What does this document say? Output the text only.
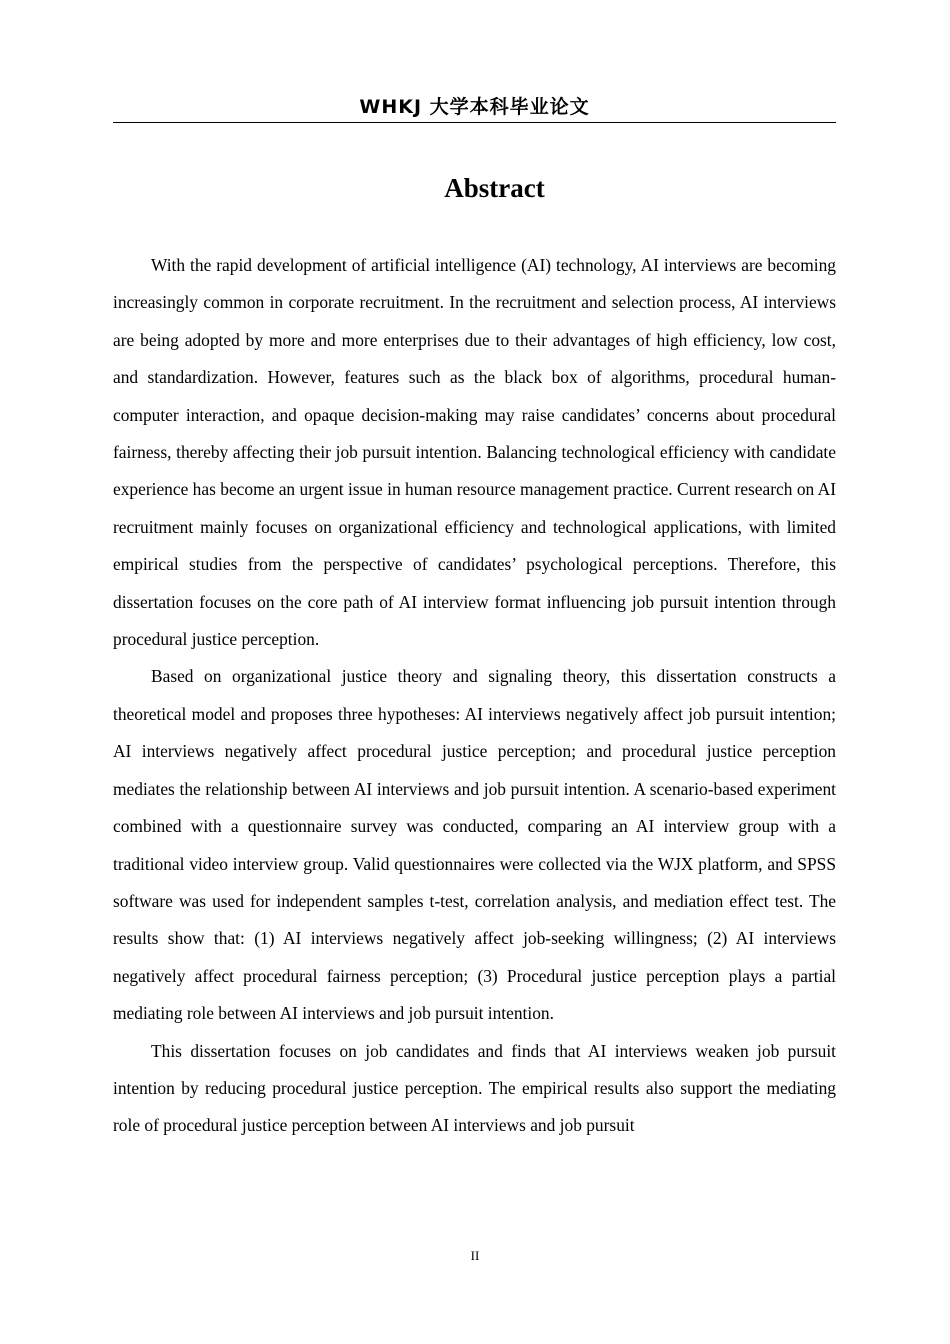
WHKJ 大学本科毕业论文
Abstract

With the rapid development of artificial intelligence (AI) technology, AI interviews are becoming increasingly common in corporate recruitment. In the recruitment and selection process, AI interviews are being adopted by more and more enterprises due to their advantages of high efficiency, low cost, and standardization. However, features such as the black box of algorithms, procedural human-computer interaction, and opaque decision-making may raise candidates’ concerns about procedural fairness, thereby affecting their job pursuit intention. Balancing technological efficiency with candidate experience has become an urgent issue in human resource management practice. Current research on AI recruitment mainly focuses on organizational efficiency and technological applications, with limited empirical studies from the perspective of candidates’ psychological perceptions. Therefore, this dissertation focuses on the core path of AI interview format influencing job pursuit intention through procedural justice perception.

Based on organizational justice theory and signaling theory, this dissertation constructs a theoretical model and proposes three hypotheses: AI interviews negatively affect job pursuit intention; AI interviews negatively affect procedural justice perception; and procedural justice perception mediates the relationship between AI interviews and job pursuit intention. A scenario-based experiment combined with a questionnaire survey was conducted, comparing an AI interview group with a traditional video interview group. Valid questionnaires were collected via the WJX platform, and SPSS software was used for independent samples t-test, correlation analysis, and mediation effect test. The results show that: (1) AI interviews negatively affect job-seeking willingness; (2) AI interviews negatively affect procedural fairness perception; (3) Procedural justice perception plays a partial mediating role between AI interviews and job pursuit intention.

This dissertation focuses on job candidates and finds that AI interviews weaken job pursuit intention by reducing procedural justice perception. The empirical results also support the mediating role of procedural justice perception between AI interviews and job pursuit

II
